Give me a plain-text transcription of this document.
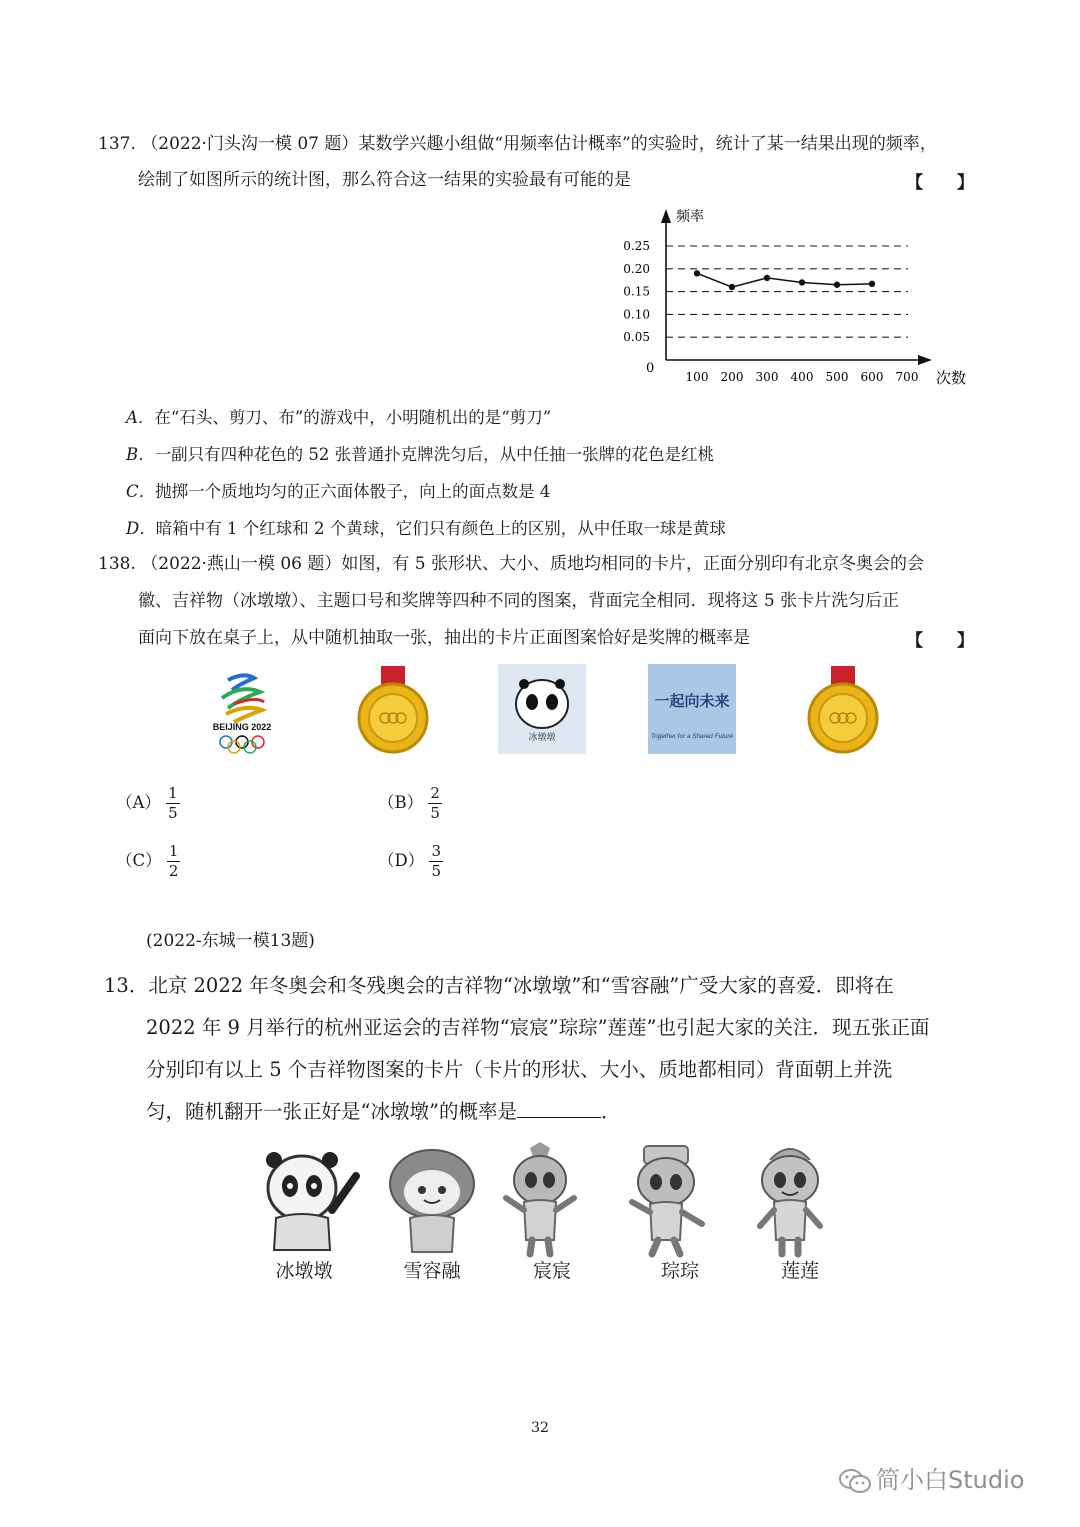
137. （2022·门头沟一模 07 题）某数学兴趣小组做“用频率估计概率”的实验时，统计了某一结果出现的频率，
绘制了如图所示的统计图，那么符合这一结果的实验最有可能的是	【　　】
0.05
0.10
0.15
0.20
0.25
频率
次数
0
100 200 300 400 500 600 700
A．在“石头、剪刀、布”的游戏中，小明随机出的是“剪刀”
B．一副只有四种花色的 52 张普通扑克牌洗匀后，从中任抽一张牌的花色是红桃
C．抛掷一个质地均匀的正六面体骰子，向上的面点数是 4
D．暗箱中有 1 个红球和 2 个黄球，它们只有颜色上的区别，从中任取一球是黄球
138. （2022·燕山一模 06 题）如图，有 5 张形状、大小、质地均相同的卡片，正面分别印有北京冬奥会的会
徽、吉祥物（冰墩墩）、主题口号和奖牌等四种不同的图案，背面完全相同．现将这 5 张卡片洗匀后正
面向下放在桌子上，从中随机抽取一张，抽出的卡片正面图案恰好是奖牌的概率是	【　　】
BEIJING 2022
冰墩墩
一起向未来
Together for a Shared Future
$(A) \frac{1}{5}$	$(B) \frac{2}{5}$
$(C) \frac{1}{2}$	$(D) \frac{3}{5}$
(2022-东城一模13题)
13．北京 2022 年冬奥会和冬残奥会的吉祥物“冰墩墩”和“雪容融”广受大家的喜爱．即将在
2022 年 9 月举行的杭州亚运会的吉祥物“宸宸”琮琮”莲莲”也引起大家的关注．现五张正面
分别印有以上 5 个吉祥物图案的卡片（卡片的形状、大小、质地都相同）背面朝上并洗
匀，随机翻开一张正好是“冰墩墩”的概率是	．
冰墩墩	雪容融	宸宸	琮琮	莲莲
32
简小白Studio
